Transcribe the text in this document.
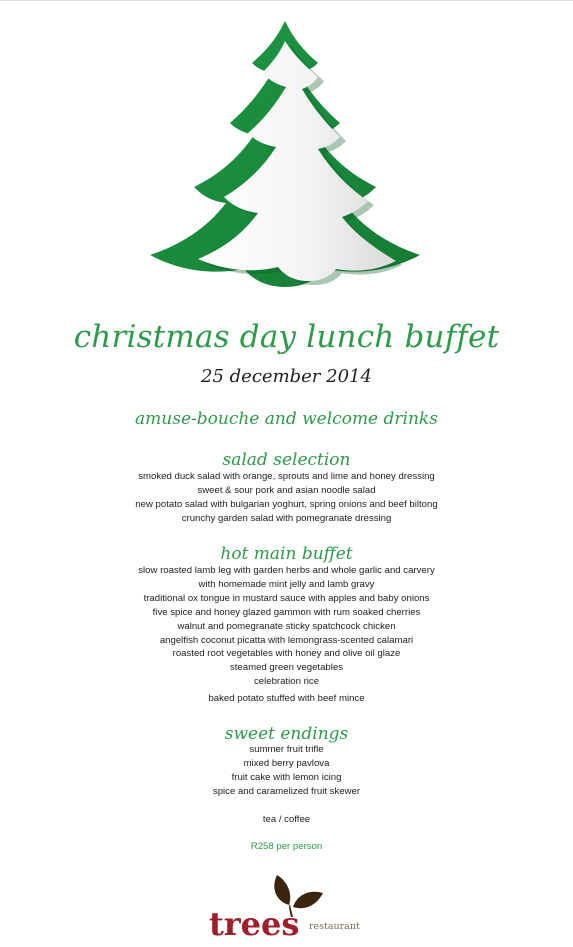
christmas day lunch buffet
25 december 2014
amuse-bouche and welcome drinks
salad selection
smoked duck salad with orange, sprouts and lime and honey dressing
sweet & sour pork and asian noodle salad
new potato salad with bulgarian yoghurt, spring onions and beef biltong
crunchy garden salad with pomegranate dressing
hot main buffet
slow roasted lamb leg with garden herbs and whole garlic and carvery
with homemade mint jelly and lamb gravy
traditional ox tongue in mustard sauce with apples and baby onions
five spice and honey glazed gammon with rum soaked cherries
walnut and pomegranate sticky spatchcock chicken
angelfish coconut picatta with lemongrass-scented calamari
roasted root vegetables with honey and olive oil glaze
steamed green vegetables
celebration rice
baked potato stuffed with beef mince
sweet endings
summer fruit trifle
mixed berry pavlova
fruit cake with lemon icing
spice and caramelized fruit skewer
tea / coffee
R258 per person
trees restaurant
